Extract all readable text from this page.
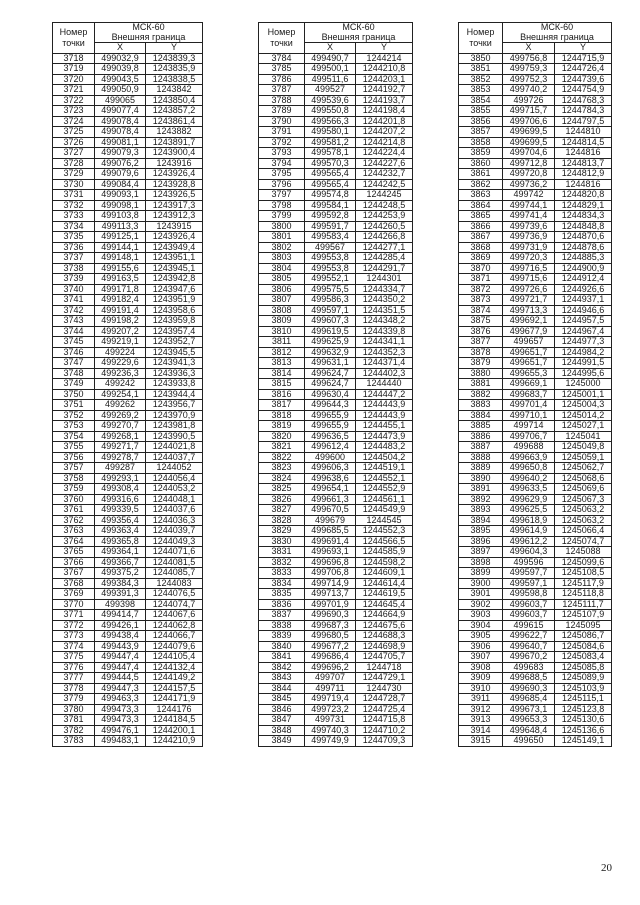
Номер точки	МСК-60
Внешняя граница	
	X	Y
3718	499032,9	1243839,3
3719	499039,8	1243835,9
3720	499043,5	1243838,5
3721	499050,9	1243842
3722	499065	1243850,4
3723	499077,4	1243857,2
3724	499078,4	1243861,4
3725	499078,4	1243882
3726	499081,1	1243891,7
3727	499079,3	1243900,4
3728	499076,2	1243916
3729	499079,6	1243926,4
3730	499084,4	1243928,8
3731	499093,1	1243926,5
3732	499098,1	1243917,3
3733	499103,8	1243912,3
3734	499113,3	1243915
3735	499125,1	1243926,4
3736	499144,1	1243949,4
3737	499148,1	1243951,1
3738	499155,6	1243945,1
3739	499163,5	1243942,8
3740	499171,8	1243947,6
3741	499182,4	1243951,9
3742	499191,4	1243958,6
3743	499198,2	1243959,8
3744	499207,2	1243957,4
3745	499219,1	1243952,7
3746	499224	1243945,5
3747	499229,6	1243941,3
3748	499236,3	1243936,3
3749	499242	1243933,8
3750	499254,1	1243944,4
3751	499262	1243956,7
3752	499269,2	1243970,9
3753	499270,7	1243981,8
3754	499268,1	1243990,5
3755	499271,7	1244021,8
3756	499278,7	1244037,7
3757	499287	1244052
3758	499293,1	1244056,4
3759	499308,4	1244053,2
3760	499316,6	1244048,1
3761	499339,5	1244037,6
3762	499356,4	1244036,3
3763	499363,4	1244039,7
3764	499365,8	1244049,3
3765	499364,1	1244071,6
3766	499366,7	1244081,5
3767	499375,2	1244085,7
3768	499384,3	1244083
3769	499391,3	1244076,5
3770	499398	1244074,7
3771	499414,7	1244067,6
3772	499426,1	1244062,8
3773	499438,4	1244066,7
3774	499443,9	1244079,6
3775	499447,4	1244105,4
3776	499447,4	1244132,4
3777	499444,5	1244149,2
3778	499447,3	1244157,5
3779	499463,3	1244171,9
3780	499473,3	1244176
3781	499473,3	1244184,5
3782	499476,1	1244200,1
3783	499483,1	1244210,9
Номер точки	МСК-60
Внешняя граница	
	X	Y
3784	499490,7	1244214
3785	499500,1	1244210,8
3786	499511,6	1244203,1
3787	499527	1244192,7
3788	499539,6	1244193,7
3789	499550,8	1244198,4
3790	499566,3	1244201,8
3791	499580,1	1244207,2
3792	499581,2	1244214,8
3793	499578,1	1244224,4
3794	499570,3	1244227,6
3795	499565,4	1244232,7
3796	499565,4	1244242,5
3797	499574,8	1244245
3798	499584,1	1244248,5
3799	499592,8	1244253,9
3800	499591,7	1244260,5
3801	499583,4	1244266,8
3802	499567	1244277,1
3803	499553,8	1244285,4
3804	499553,8	1244291,7
3805	499552,1	1244301
3806	499575,5	1244334,7
3807	499586,3	1244350,2
3808	499597,1	1244351,5
3809	499607,3	1244348,2
3810	499619,5	1244339,8
3811	499625,9	1244341,1
3812	499632,9	1244352,3
3813	499631,1	1244371,4
3814	499624,7	1244402,3
3815	499624,7	1244440
3816	499630,4	1244447,2
3817	499644,3	1244443,9
3818	499655,9	1244443,9
3819	499655,9	1244455,1
3820	499636,5	1244473,9
3821	499612,4	1244483,2
3822	499600	1244504,2
3823	499606,3	1244519,1
3824	499638,6	1244552,1
3825	499654,1	1244552,9
3826	499661,3	1244561,1
3827	499670,5	1244549,9
3828	499679	1244545
3829	499685,5	1244552,3
3830	499691,4	1244566,5
3831	499693,1	1244585,9
3832	499696,8	1244598,2
3833	499706,8	1244609,1
3834	499714,9	1244614,4
3835	499713,7	1244619,5
3836	499701,9	1244645,4
3837	499690,3	1244664,9
3838	499687,3	1244675,6
3839	499680,5	1244688,3
3840	499677,2	1244698,9
3841	499686,4	1244705,7
3842	499696,2	1244718
3843	499707	1244729,1
3844	499711	1244730
3845	499719,4	1244728,7
3846	499723,2	1244725,4
3847	499731	1244715,8
3848	499740,3	1244710,2
3849	499749,9	1244709,3
Номер точки	МСК-60
Внешняя граница	
	X	Y
3850	499756,8	1244715,9
3851	499759,3	1244726,4
3852	499752,3	1244739,6
3853	499740,2	1244754,9
3854	499726	1244768,3
3855	499715,7	1244784,3
3856	499706,6	1244797,5
3857	499699,5	1244810
3858	499699,5	1244814,5
3859	499704,6	1244816
3860	499712,8	1244813,7
3861	499720,8	1244812,9
3862	499736,2	1244816
3863	499742	1244820,8
3864	499744,1	1244829,1
3865	499741,4	1244834,3
3866	499739,6	1244848,8
3867	499736,9	1244870,6
3868	499731,9	1244878,6
3869	499720,3	1244885,3
3870	499716,5	1244900,9
3871	499715,6	1244912,4
3872	499726,6	1244926,6
3873	499721,7	1244937,1
3874	499713,3	1244946,6
3875	499692,1	1244957,5
3876	499677,9	1244967,4
3877	499657	1244977,3
3878	499651,7	1244984,2
3879	499651,7	1244991,5
3880	499655,3	1244995,6
3881	499669,1	1245000
3882	499683,7	1245001,1
3883	499701,4	1245004,3
3884	499710,1	1245014,2
3885	499714	1245027,1
3886	499706,7	1245041
3887	499688	1245049,8
3888	499663,9	1245059,1
3889	499650,8	1245062,7
3890	499640,2	1245068,6
3891	499633,5	1245069,6
3892	499629,9	1245067,3
3893	499625,5	1245063,2
3894	499618,9	1245063,2
3895	499614,9	1245066,4
3896	499612,2	1245074,7
3897	499604,3	1245088
3898	499596	1245099,6
3899	499597,7	1245108,5
3900	499597,1	1245117,9
3901	499598,8	1245118,8
3902	499603,7	1245111,7
3903	499603,7	1245107,9
3904	499615	1245095
3905	499622,7	1245086,7
3906	499640,7	1245084,6
3907	499670,2	1245083,4
3908	499683	1245085,8
3909	499688,5	1245089,9
3910	499690,3	1245103,9
3911	499685,4	1245115,1
3912	499673,1	1245123,8
3913	499653,3	1245130,6
3914	499648,4	1245136,6
3915	499650	1245149,1
20
